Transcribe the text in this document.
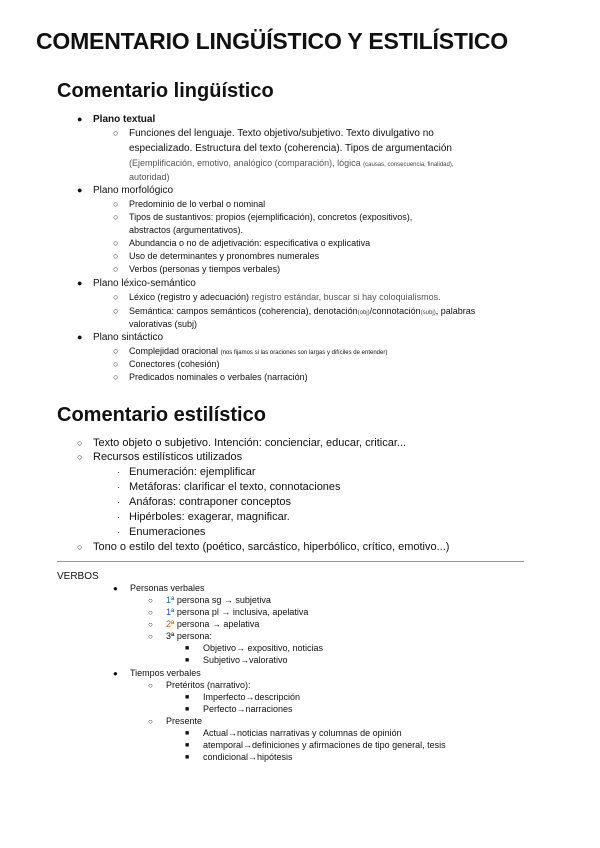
COMENTARIO LINGÜÍSTICO Y ESTILÍSTICO
Comentario lingüístico
● Plano textual
○ Funciones del lenguaje. Texto objetivo/subjetivo. Texto divulgativo no
especializado. Estructura del texto (coherencia). Tipos de argumentación
(Ejemplificación, emotivo, analógico (comparación), lógica (causas, consecuencia, finalidad),
autoridad)
● Plano morfológico
○ Predominio de lo verbal o nominal
○ Tipos de sustantivos: propios (ejemplificación), concretos (expositivos),
abstractos (argumentativos).
○ Abundancia o no de adjetivación: especificativa o explicativa
○ Uso de determinantes y pronombres numerales
○ Verbos (personas y tiempos verbales)
● Plano léxico-semántico
○ Léxico (registro y adecuación) registro estándar, buscar si hay coloquialismos.
○ Semántica: campos semánticos (coherencia), denotación(obj)/connotación(subj), palabras
valorativas (subj)
● Plano sintáctico
○ Complejidad oracional (nos fijamos si las oraciones son largas y difíciles de entender)
○ Conectores (cohesión)
○ Predicados nominales o verbales (narración)
Comentario estilístico
○ Texto objeto o subjetivo. Intención: concienciar, educar, criticar...
○ Recursos estilísticos utilizados
· Enumeración: ejemplificar
· Metáforas: clarificar el texto, connotaciones
· Anáforas: contraponer conceptos
· Hipérboles: exagerar, magnificar.
· Enumeraciones
○ Tono o estilo del texto (poético, sarcástico, hiperbólico, crítico, emotivo...)
VERBOS
● Personas verbales
○ 1ª persona sg → subjetiva
○ 1ª persona pl → inclusiva, apelativa
○ 2ª persona → apelativa
○ 3ª persona:
■ Objetivo→ expositivo, noticias
■ Subjetivo→valorativo
● Tiempos verbales
○ Pretéritos (narrativo):
■ Imperfecto→descripción
■ Perfecto→narraciones
○ Presente
■ Actual→noticias narrativas y columnas de opinión
■ atemporal→definiciones y afirmaciones de tipo general, tesis
■ condicional→hipótesis
